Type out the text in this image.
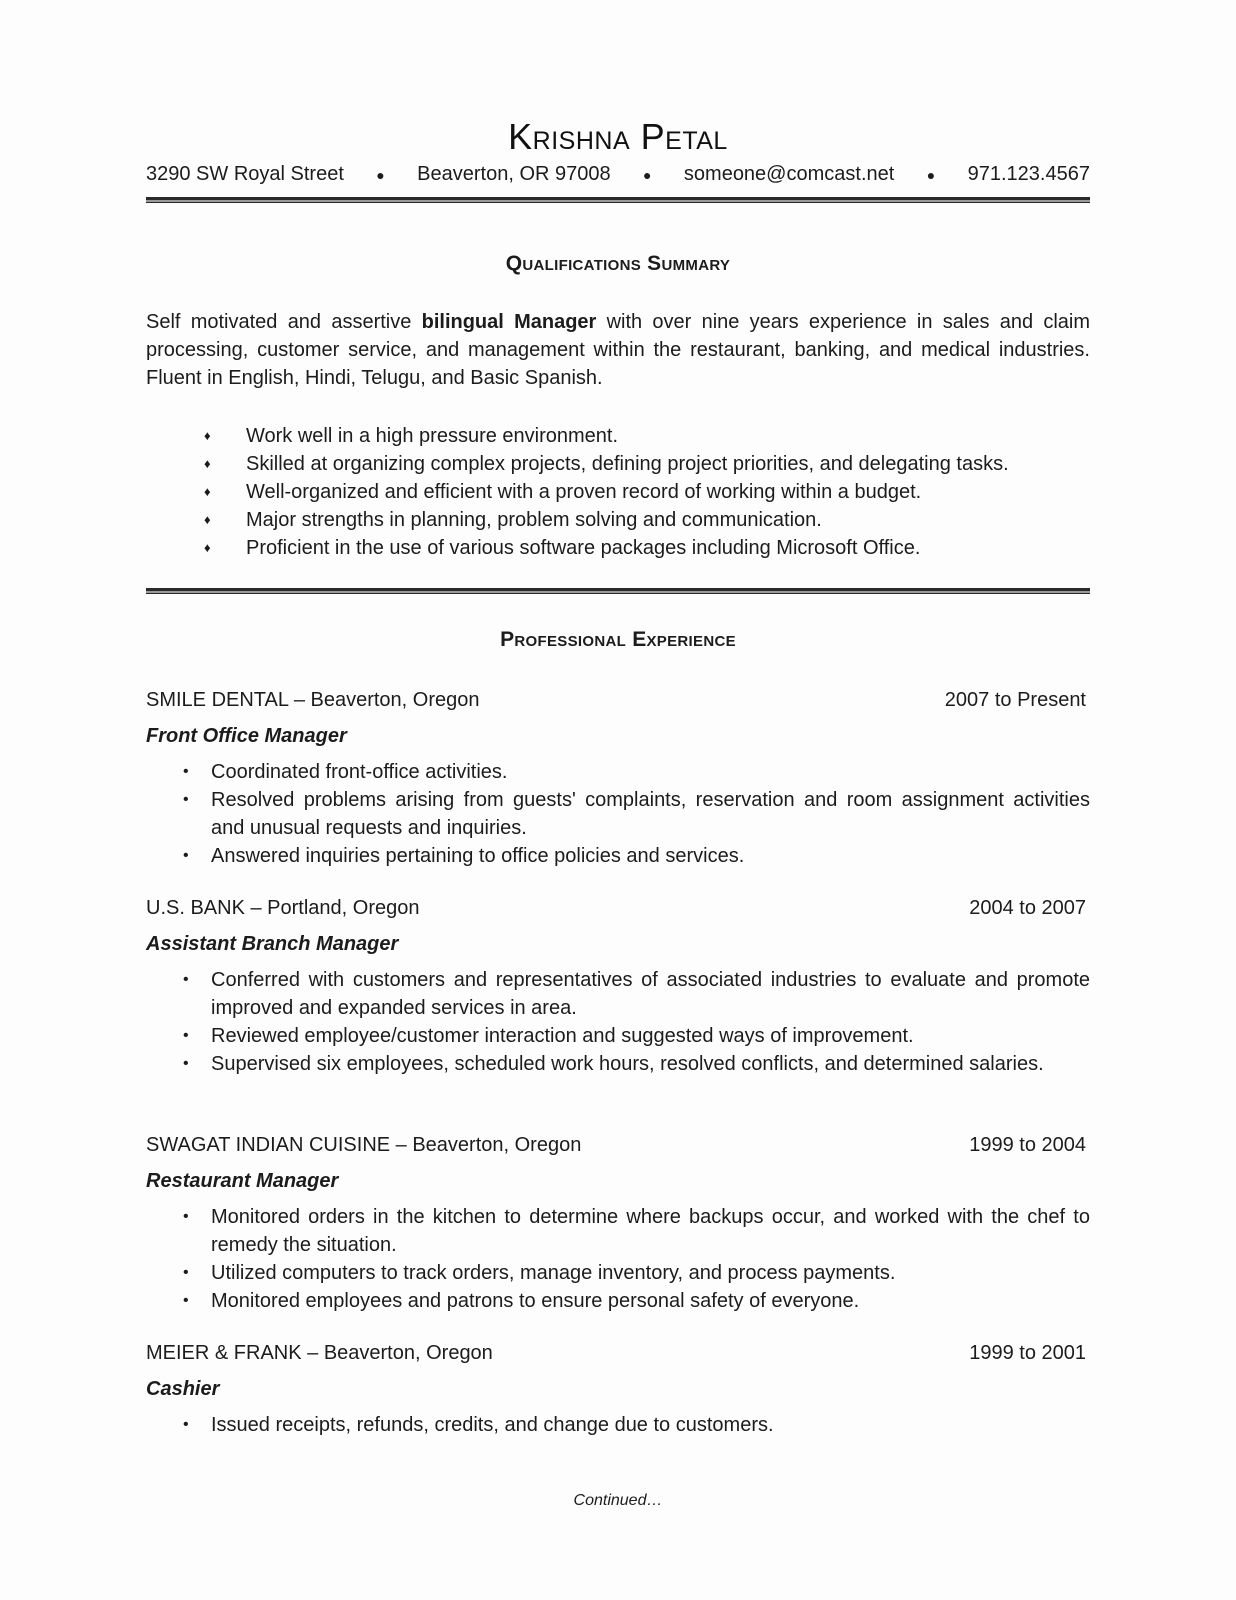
Krishna Petal
3290 SW Royal Street ● Beaverton, OR 97008 ● someone@comcast.net ● 971.123.4567
Qualifications Summary

Self motivated and assertive bilingual Manager with over nine years experience in sales and claim processing, customer service, and management within the restaurant, banking, and medical industries. Fluent in English, Hindi, Telugu, and Basic Spanish.

♦ Work well in a high pressure environment.
♦ Skilled at organizing complex projects, defining project priorities, and delegating tasks.
♦ Well-organized and efficient with a proven record of working within a budget.
♦ Major strengths in planning, problem solving and communication.
♦ Proficient in the use of various software packages including Microsoft Office.
Professional Experience
SMILE DENTAL – Beaverton, Oregon	2007 to Present
Front Office Manager
• Coordinated front-office activities.
• Resolved problems arising from guests' complaints, reservation and room assignment activities and unusual requests and inquiries.
• Answered inquiries pertaining to office policies and services.
U.S. BANK – Portland, Oregon	2004 to 2007
Assistant Branch Manager
• Conferred with customers and representatives of associated industries to evaluate and promote improved and expanded services in area.
• Reviewed employee/customer interaction and suggested ways of improvement.
• Supervised six employees, scheduled work hours, resolved conflicts, and determined salaries.
SWAGAT INDIAN CUISINE – Beaverton, Oregon	1999 to 2004
Restaurant Manager
• Monitored orders in the kitchen to determine where backups occur, and worked with the chef to remedy the situation.
• Utilized computers to track orders, manage inventory, and process payments.
• Monitored employees and patrons to ensure personal safety of everyone.
MEIER & FRANK – Beaverton, Oregon	1999 to 2001
Cashier
• Issued receipts, refunds, credits, and change due to customers.
Continued…
